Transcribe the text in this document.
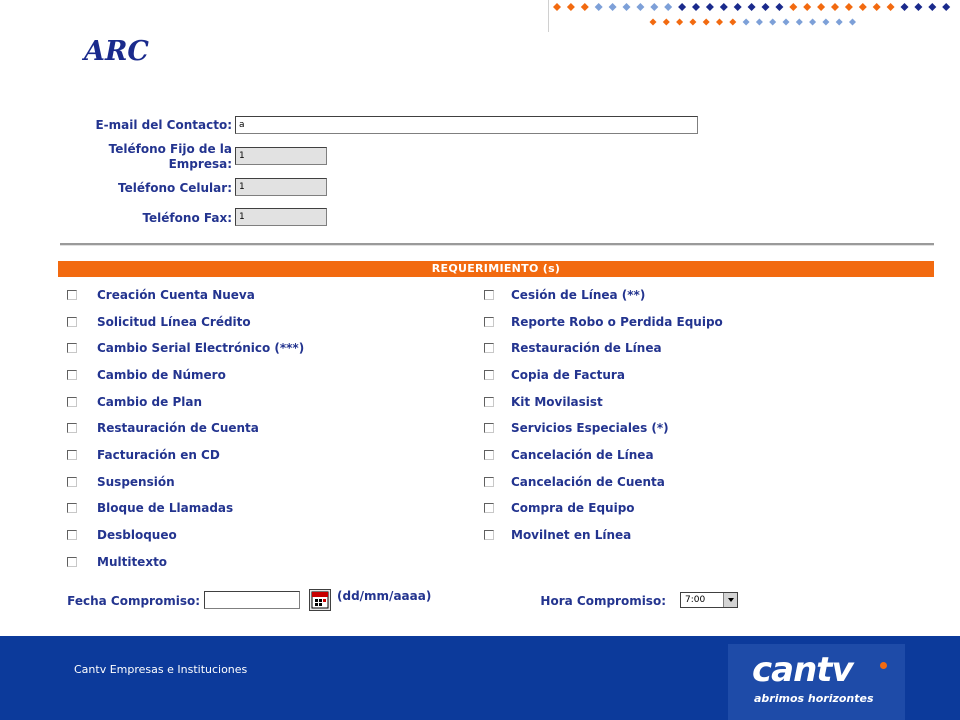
ARC
E-mail del Contacto:
a
Teléfono Fijo de la
Empresa:
1
Teléfono Celular:
1
Teléfono Fax:
1
REQUERIMIENTO (s)
Creación Cuenta Nueva
Solicitud Línea Crédito
Cambio Serial Electrónico (***)
Cambio de Número
Cambio de Plan
Restauración de Cuenta
Facturación en CD
Suspensión
Bloque de Llamadas
Desbloqueo
Multitexto
Cesión de Línea (**)
Reporte Robo o Perdida Equipo
Restauración de Línea
Copia de Factura
Kit Movilasist
Servicios Especiales (*)
Cancelación de Línea
Cancelación de Cuenta
Compra de Equipo
Movilnet en Línea
Fecha Compromiso:	(dd/mm/aaaa)	Hora Compromiso:	7:00
Cantv Empresas e Instituciones	cantv
abrimos horizontes
